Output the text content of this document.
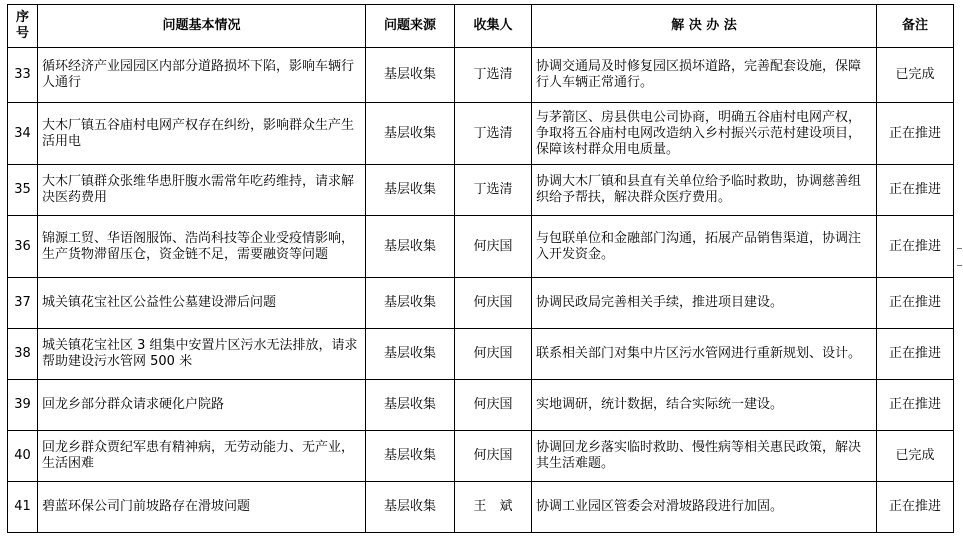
序号	问题基本情况	问题来源	收集人	解 决 办 法	备注
33	循环经济产业园园区内部分道路损坏下陷，影响车辆行人通行	基层收集	丁选清	协调交通局及时修复园区损坏道路，完善配套设施，保障行人车辆正常通行。	已完成
34	大木厂镇五谷庙村电网产权存在纠纷，影响群众生产生活用电	基层收集	丁选清	与茅箭区、房县供电公司协商，明确五谷庙村电网产权，争取将五谷庙村电网改造纳入乡村振兴示范村建设项目，保障该村群众用电质量。	正在推进
35	大木厂镇群众张维华患肝腹水需常年吃药维持，请求解决医药费用	基层收集	丁选清	协调大木厂镇和县直有关单位给予临时救助，协调慈善组织给予帮扶，解决群众医疗费用。	正在推进
36	锦源工贸、华语阁服饰、浩尚科技等企业受疫情影响，生产货物滞留压仓，资金链不足，需要融资等问题	基层收集	何庆国	与包联单位和金融部门沟通，拓展产品销售渠道，协调注入开发资金。	正在推进
37	城关镇花宝社区公益性公墓建设滞后问题	基层收集	何庆国	协调民政局完善相关手续，推进项目建设。	正在推进
38	城关镇花宝社区 3 组集中安置片区污水无法排放，请求帮助建设污水管网 500 米	基层收集	何庆国	联系相关部门对集中片区污水管网进行重新规划、设计。	正在推进
39	回龙乡部分群众请求硬化户院路	基层收集	何庆国	实地调研，统计数据，结合实际统一建设。	正在推进
40	回龙乡群众贾纪军患有精神病，无劳动能力、无产业，生活困难	基层收集	何庆国	协调回龙乡落实临时救助、慢性病等相关惠民政策，解决其生活难题。	已完成
41	碧蓝环保公司门前坡路存在滑坡问题	基层收集	王　斌	协调工业园区管委会对滑坡路段进行加固。	正在推进
